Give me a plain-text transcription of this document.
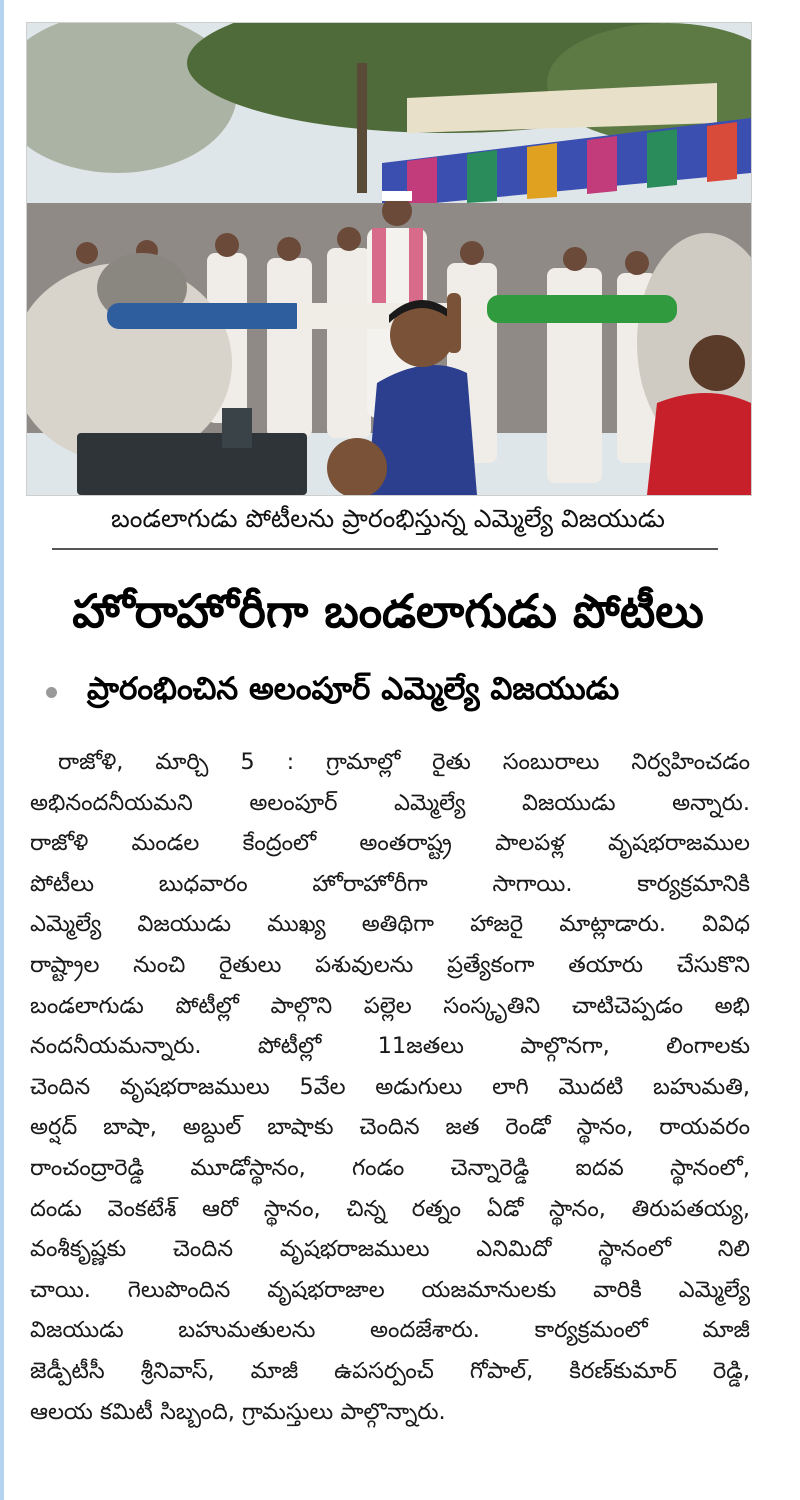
బండలాగుడు పోటీలను ప్రారంభిస్తున్న ఎమ్మెల్యే విజయుడు
హోరాహోరీగా బండలాగుడు పోటీలు
ప్రారంభించిన అలంపూర్ ఎమ్మెల్యే విజయుడు
రాజోళి, మార్చి 5 : గ్రామాల్లో రైతు సంబురాలు నిర్వహించడం
అభినందనీయమని అలంపూర్ ఎమ్మెల్యే విజయుడు అన్నారు.
రాజోళి మండల కేంద్రంలో అంతరాష్ట్ర పాలపళ్ల వృషభరాజముల
పోటీలు బుధవారం హోరాహోరీగా సాగాయి. కార్యక్రమానికి
ఎమ్మెల్యే విజయుడు ముఖ్య అతిథిగా హాజరై మాట్లాడారు. వివిధ
రాష్ట్రాల నుంచి రైతులు పశువులను ప్రత్యేకంగా తయారు చేసుకొని
బండలాగుడు పోటీల్లో పాల్గొని పల్లెల సంస్కృతిని చాటిచెప్పడం అభి
నందనీయమన్నారు. పోటీల్లో 11జతలు పాల్గొనగా, లింగాలకు
చెందిన వృషభరాజములు 5వేల అడుగులు లాగి మొదటి బహుమతి,
అర్షద్ బాషా, అబ్దుల్ బాషాకు చెందిన జత రెండో స్థానం, రాయవరం
రాంచంద్రారెడ్డి మూడోస్థానం, గండం చెన్నారెడ్డి ఐదవ స్థానంలో,
దండు వెంకటేశ్ ఆరో స్థానం, చిన్న రత్నం ఏడో స్థానం, తిరుపతయ్య,
వంశీకృష్ణకు చెందిన వృషభరాజములు ఎనిమిదో స్థానంలో నిలి
చాయి. గెలుపొందిన వృషభరాజాల యజమానులకు వారికి ఎమ్మెల్యే
విజయుడు బహుమతులను అందజేశారు. కార్యక్రమంలో మాజీ
జెడ్పీటీసీ శ్రీనివాస్, మాజీ ఉపసర్పంచ్ గోపాల్, కిరణ్‌కుమార్ రెడ్డి,
ఆలయ కమిటీ సిబ్బంది, గ్రామస్తులు పాల్గొన్నారు.
